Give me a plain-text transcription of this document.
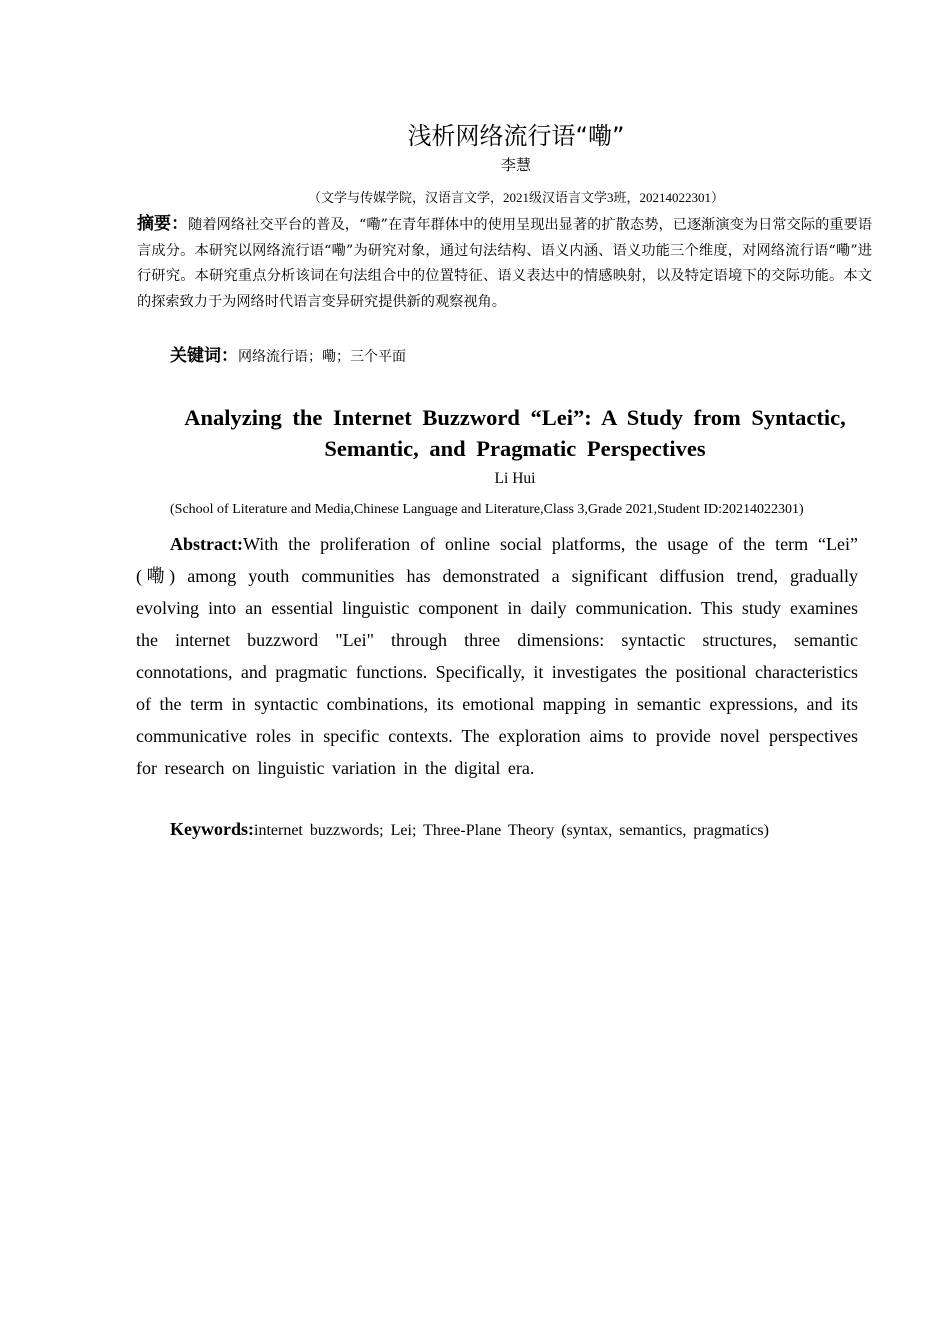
浅析网络流行语“嘞”
李慧
（文学与传媒学院，汉语言文学，2021级汉语言文学3班，20214022301）
摘要：随着网络社交平台的普及，“嘞”在青年群体中的使用呈现出显著的扩散态势，已逐渐演变为日常交际的重要语言成分。本研究以网络流行语“嘞”为研究对象，通过句法结构、语义内涵、语义功能三个维度，对网络流行语“嘞”进行研究。本研究重点分析该词在句法组合中的位置特征、语义表达中的情感映射，以及特定语境下的交际功能。本文的探索致力于为网络时代语言变异研究提供新的观察视角。
关键词：网络流行语；嘞；三个平面
Analyzing the Internet Buzzword “Lei”: A Study from Syntactic, Semantic, and Pragmatic Perspectives
Li Hui
(School of Literature and Media,Chinese Language and Literature,Class 3,Grade 2021,Student ID:20214022301)
Abstract:With the proliferation of online social platforms, the usage of the term “Lei” (嘞) among youth communities has demonstrated a significant diffusion trend, gradually evolving into an essential linguistic component in daily communication. This study examines the internet buzzword "Lei" through three dimensions: syntactic structures, semantic connotations, and pragmatic functions. Specifically, it investigates the positional characteristics of the term in syntactic combinations, its emotional mapping in semantic expressions, and its communicative roles in specific contexts. The exploration aims to provide novel perspectives for research on linguistic variation in the digital era.
Keywords:internet buzzwords; Lei; Three-Plane Theory (syntax, semantics, pragmatics)
